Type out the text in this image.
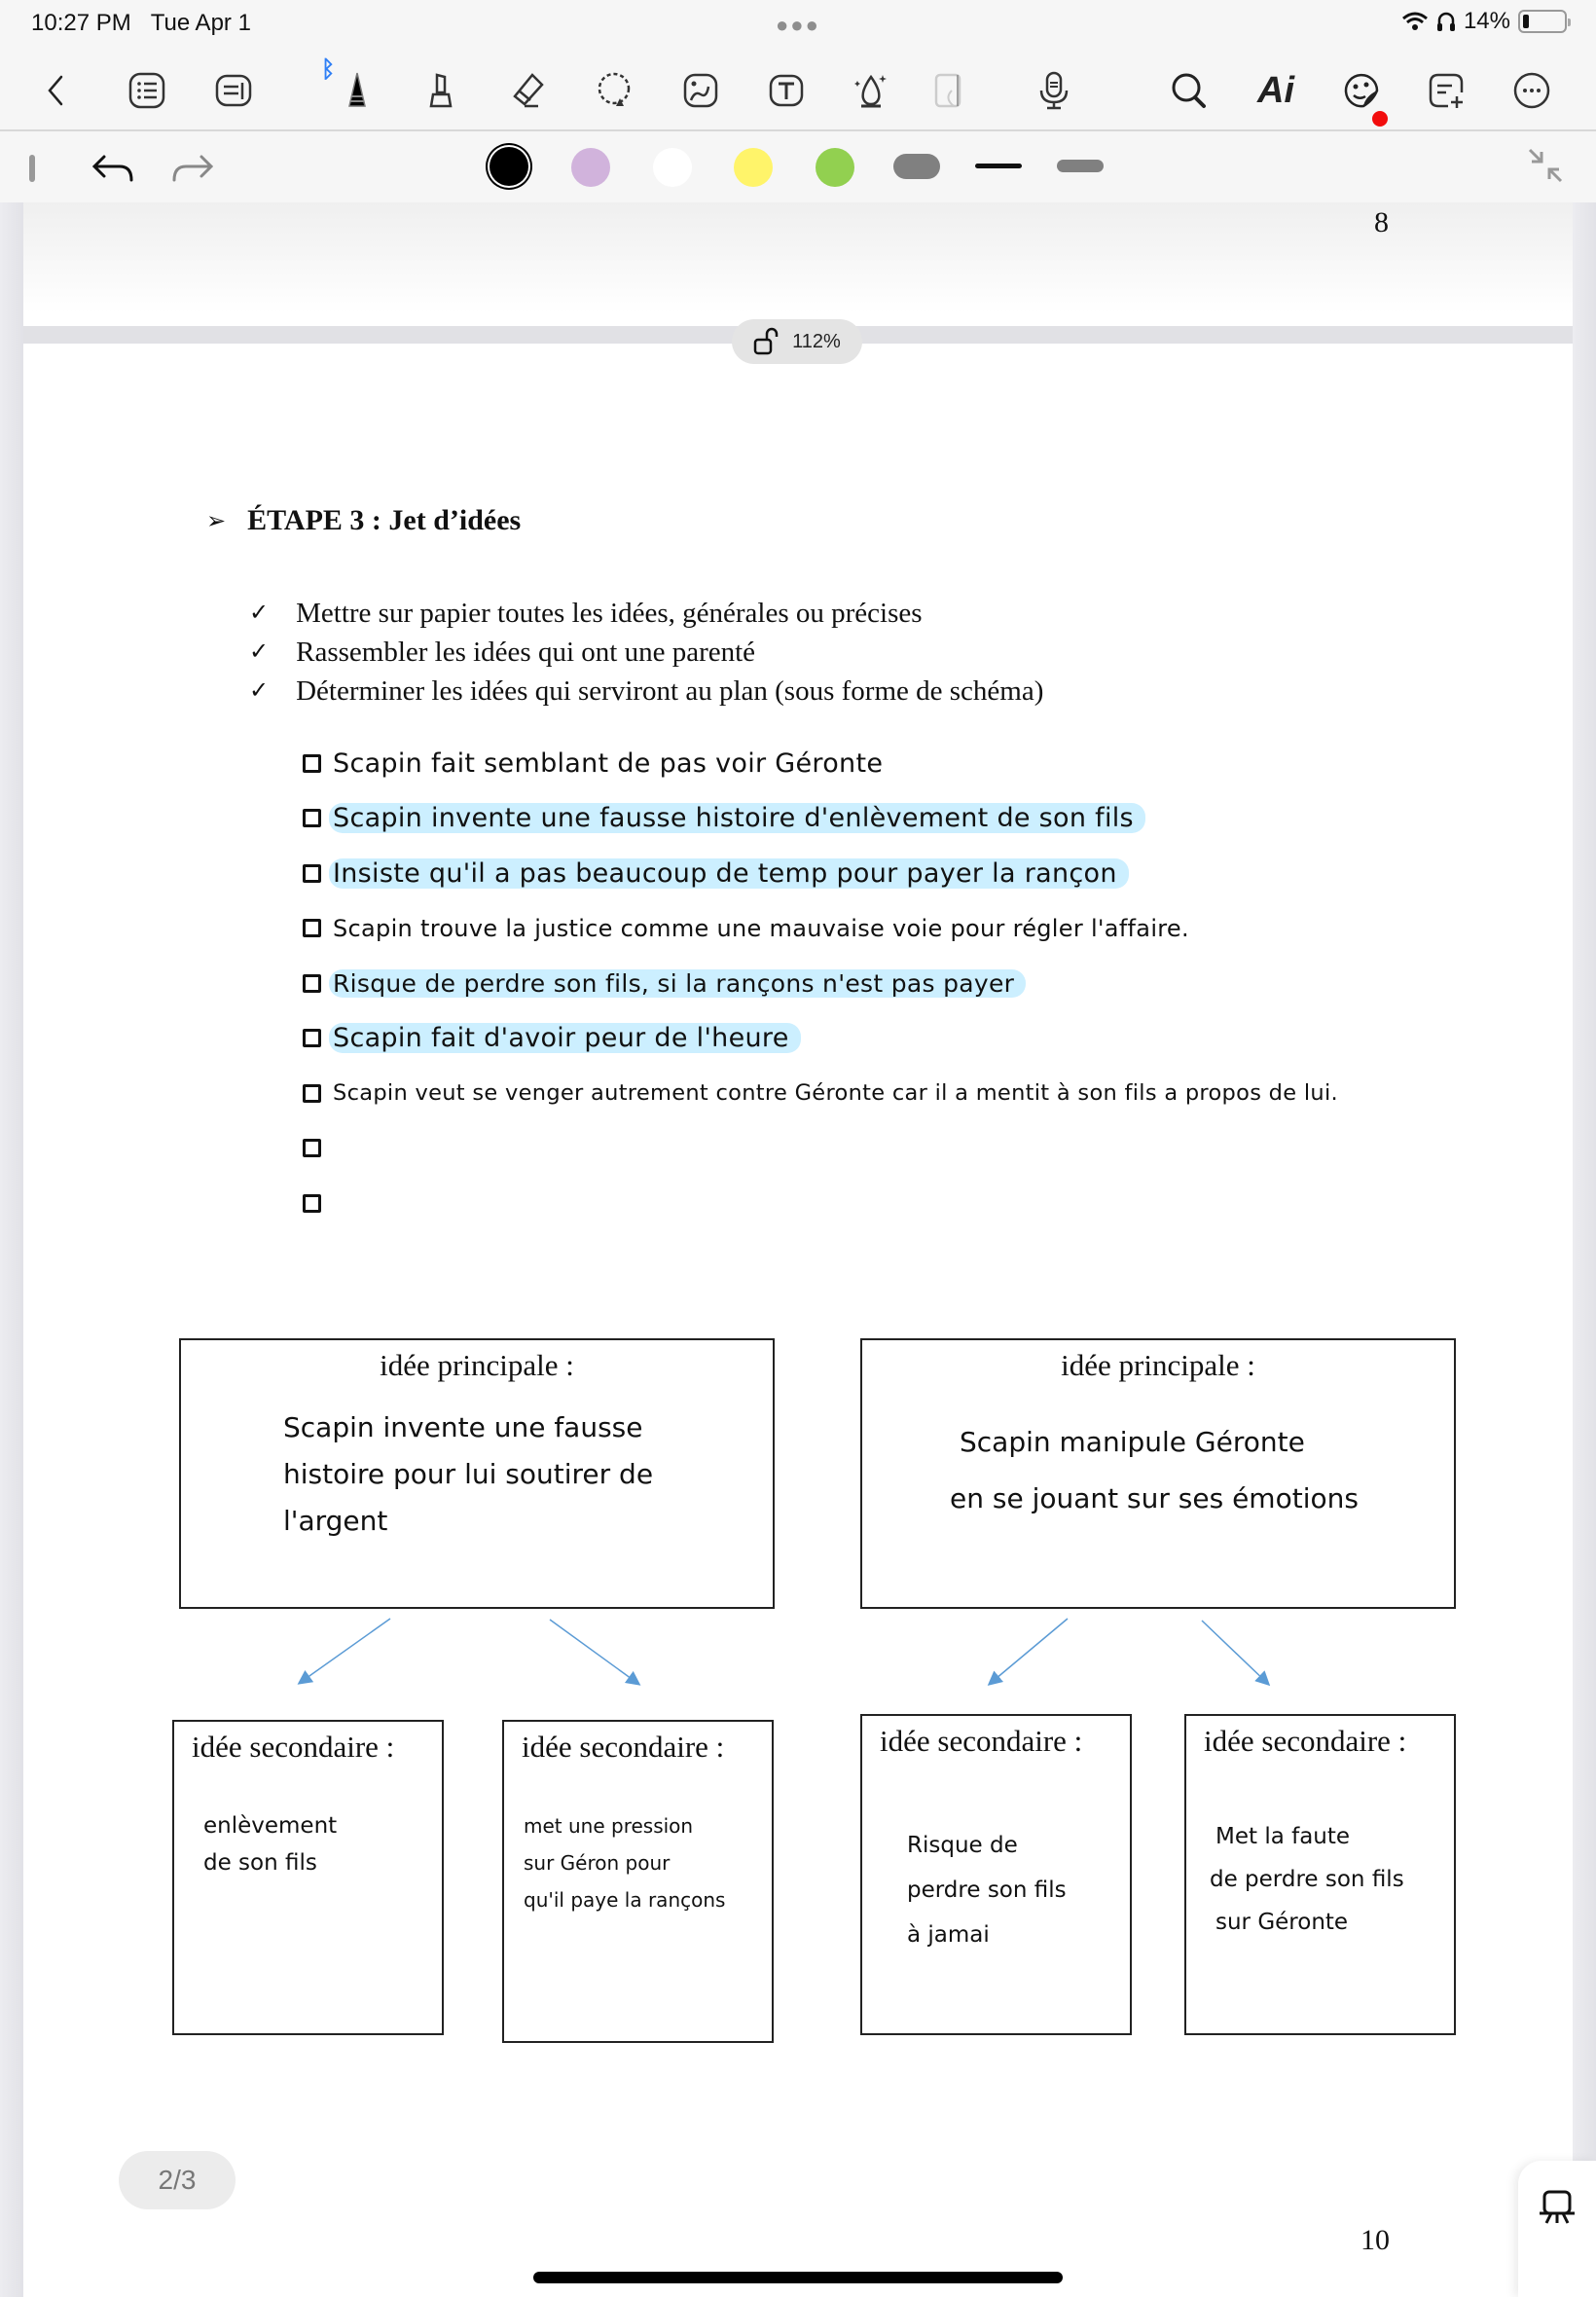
10:27 PM Tue Apr 1	●●●	14%
ᛒ	Ai
8
112%
➢ ÉTAPE 3 : Jet d’idées
✓ Mettre sur papier toutes les idées, générales ou précises
✓ Rassembler les idées qui ont une parenté
✓ Déterminer les idées qui serviront au plan (sous forme de schéma)
Scapin fait semblant de pas voir Géronte
Scapin invente une fausse histoire d'enlèvement de son fils
Insiste qu'il a pas beaucoup de temp pour payer la rançon
Scapin trouve la justice comme une mauvaise voie pour régler l'affaire.
Risque de perdre son fils, si la rançons n'est pas payer
Scapin fait d'avoir peur de l'heure
Scapin veut se venger autrement contre Géronte car il a mentit à son fils a propos de lui.
idée principale :
Scapin invente une fausse
histoire pour lui soutirer de
l'argent
idée principale :
Scapin manipule Géronte
en se jouant sur ses émotions
idée secondaire :
enlèvement
de son fils
idée secondaire :
met une pression
sur Géron pour
qu'il paye la rançons
idée secondaire :
Risque de
perdre son fils
à jamai
idée secondaire :
Met la faute
de perdre son fils
sur Géronte
2/3
10
